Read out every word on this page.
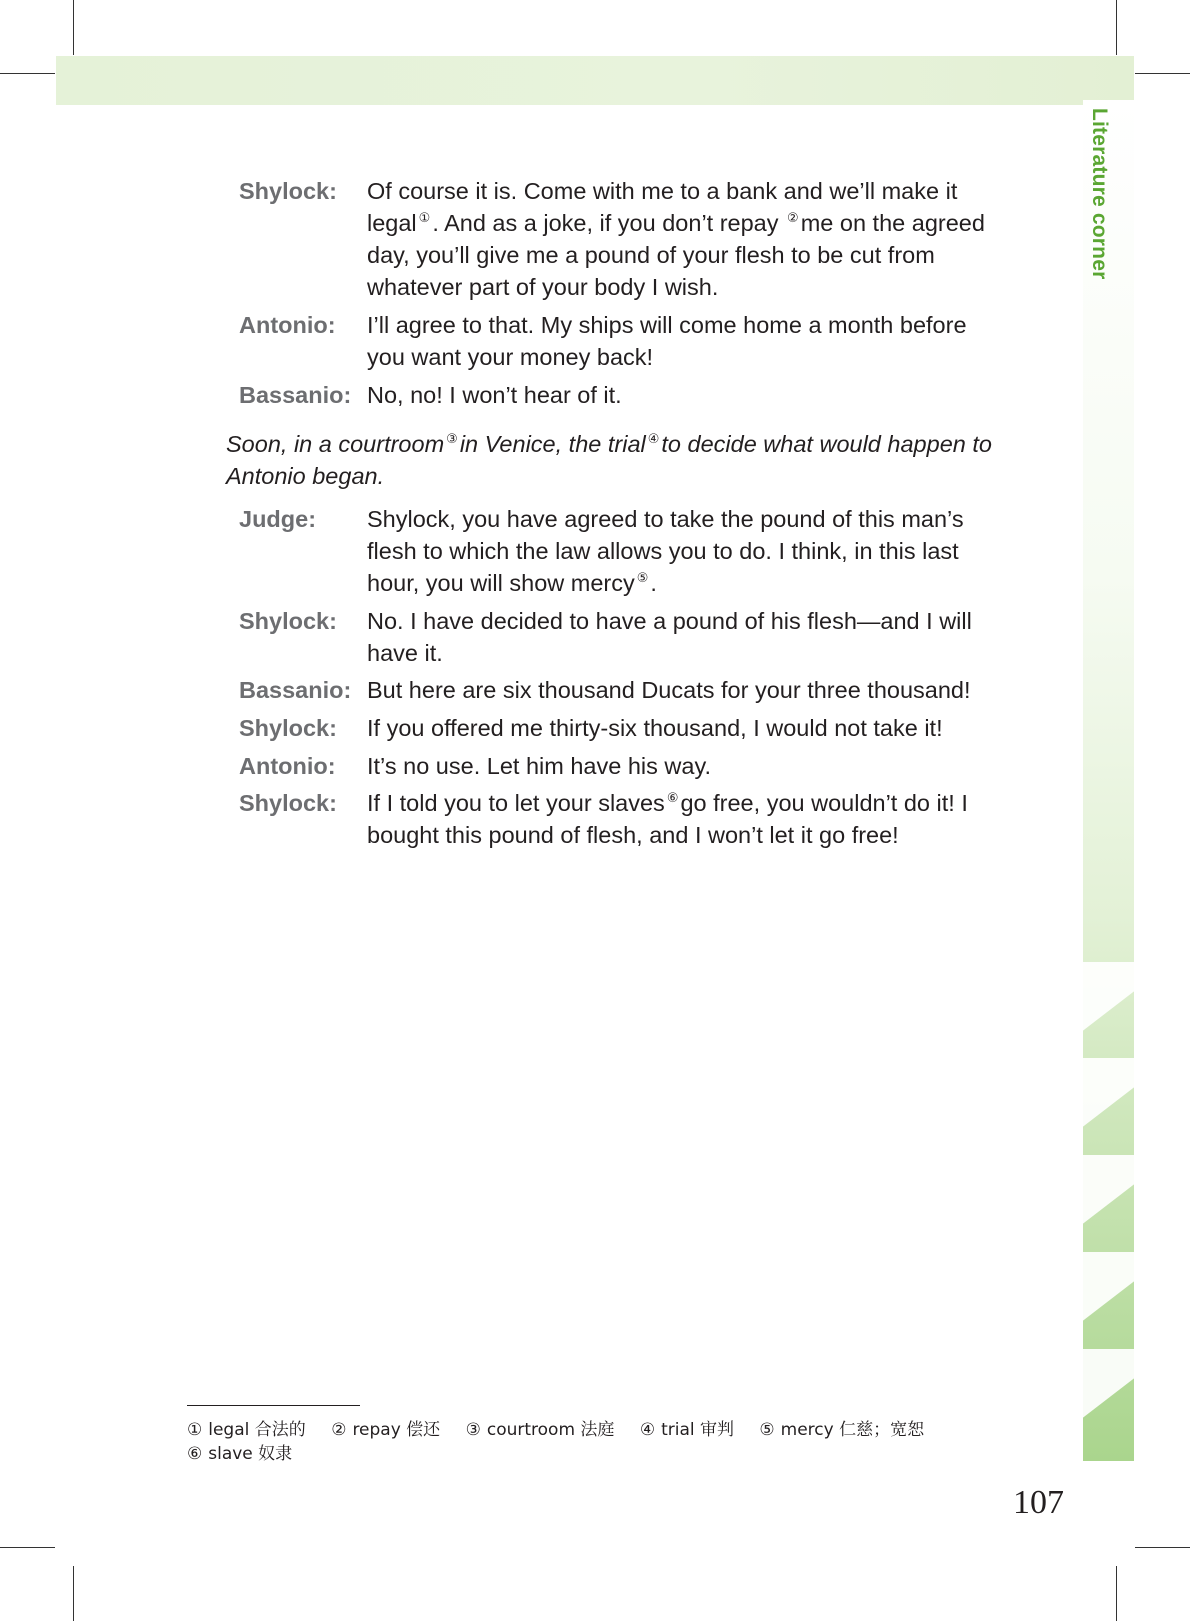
Literature corner
Shylock: Of course it is. Come with me to a bank and we’ll make it
legal ①. And as a joke, if you don’t repay ②me on the agreed
day, you’ll give me a pound of your flesh to be cut from
whatever part of your body I wish.
Antonio: I’ll agree to that. My ships will come home a month before
you want your money back!
Bassanio: No, no! I won’t hear of it.
Soon, in a courtroom ③in Venice, the trial ④to decide what would happen to
Antonio began.
Judge: Shylock, you have agreed to take the pound of this man’s
flesh to which the law allows you to do. I think, in this last
hour, you will show mercy ⑤.
Shylock: No. I have decided to have a pound of his flesh—and I will
have it.
Bassanio: But here are six thousand Ducats for your three thousand!
Shylock: If you offered me thirty-six thousand, I would not take it!
Antonio: It’s no use. Let him have his way.
Shylock: If I told you to let your slaves ⑥go free, you wouldn’t do it! I
bought this pound of flesh, and I won’t let it go free!
① legal 合法的 ② repay 偿还 ③ courtroom 法庭 ④ trial 审判 ⑤ mercy 仁慈；宽恕
⑥ slave 奴隶
107
